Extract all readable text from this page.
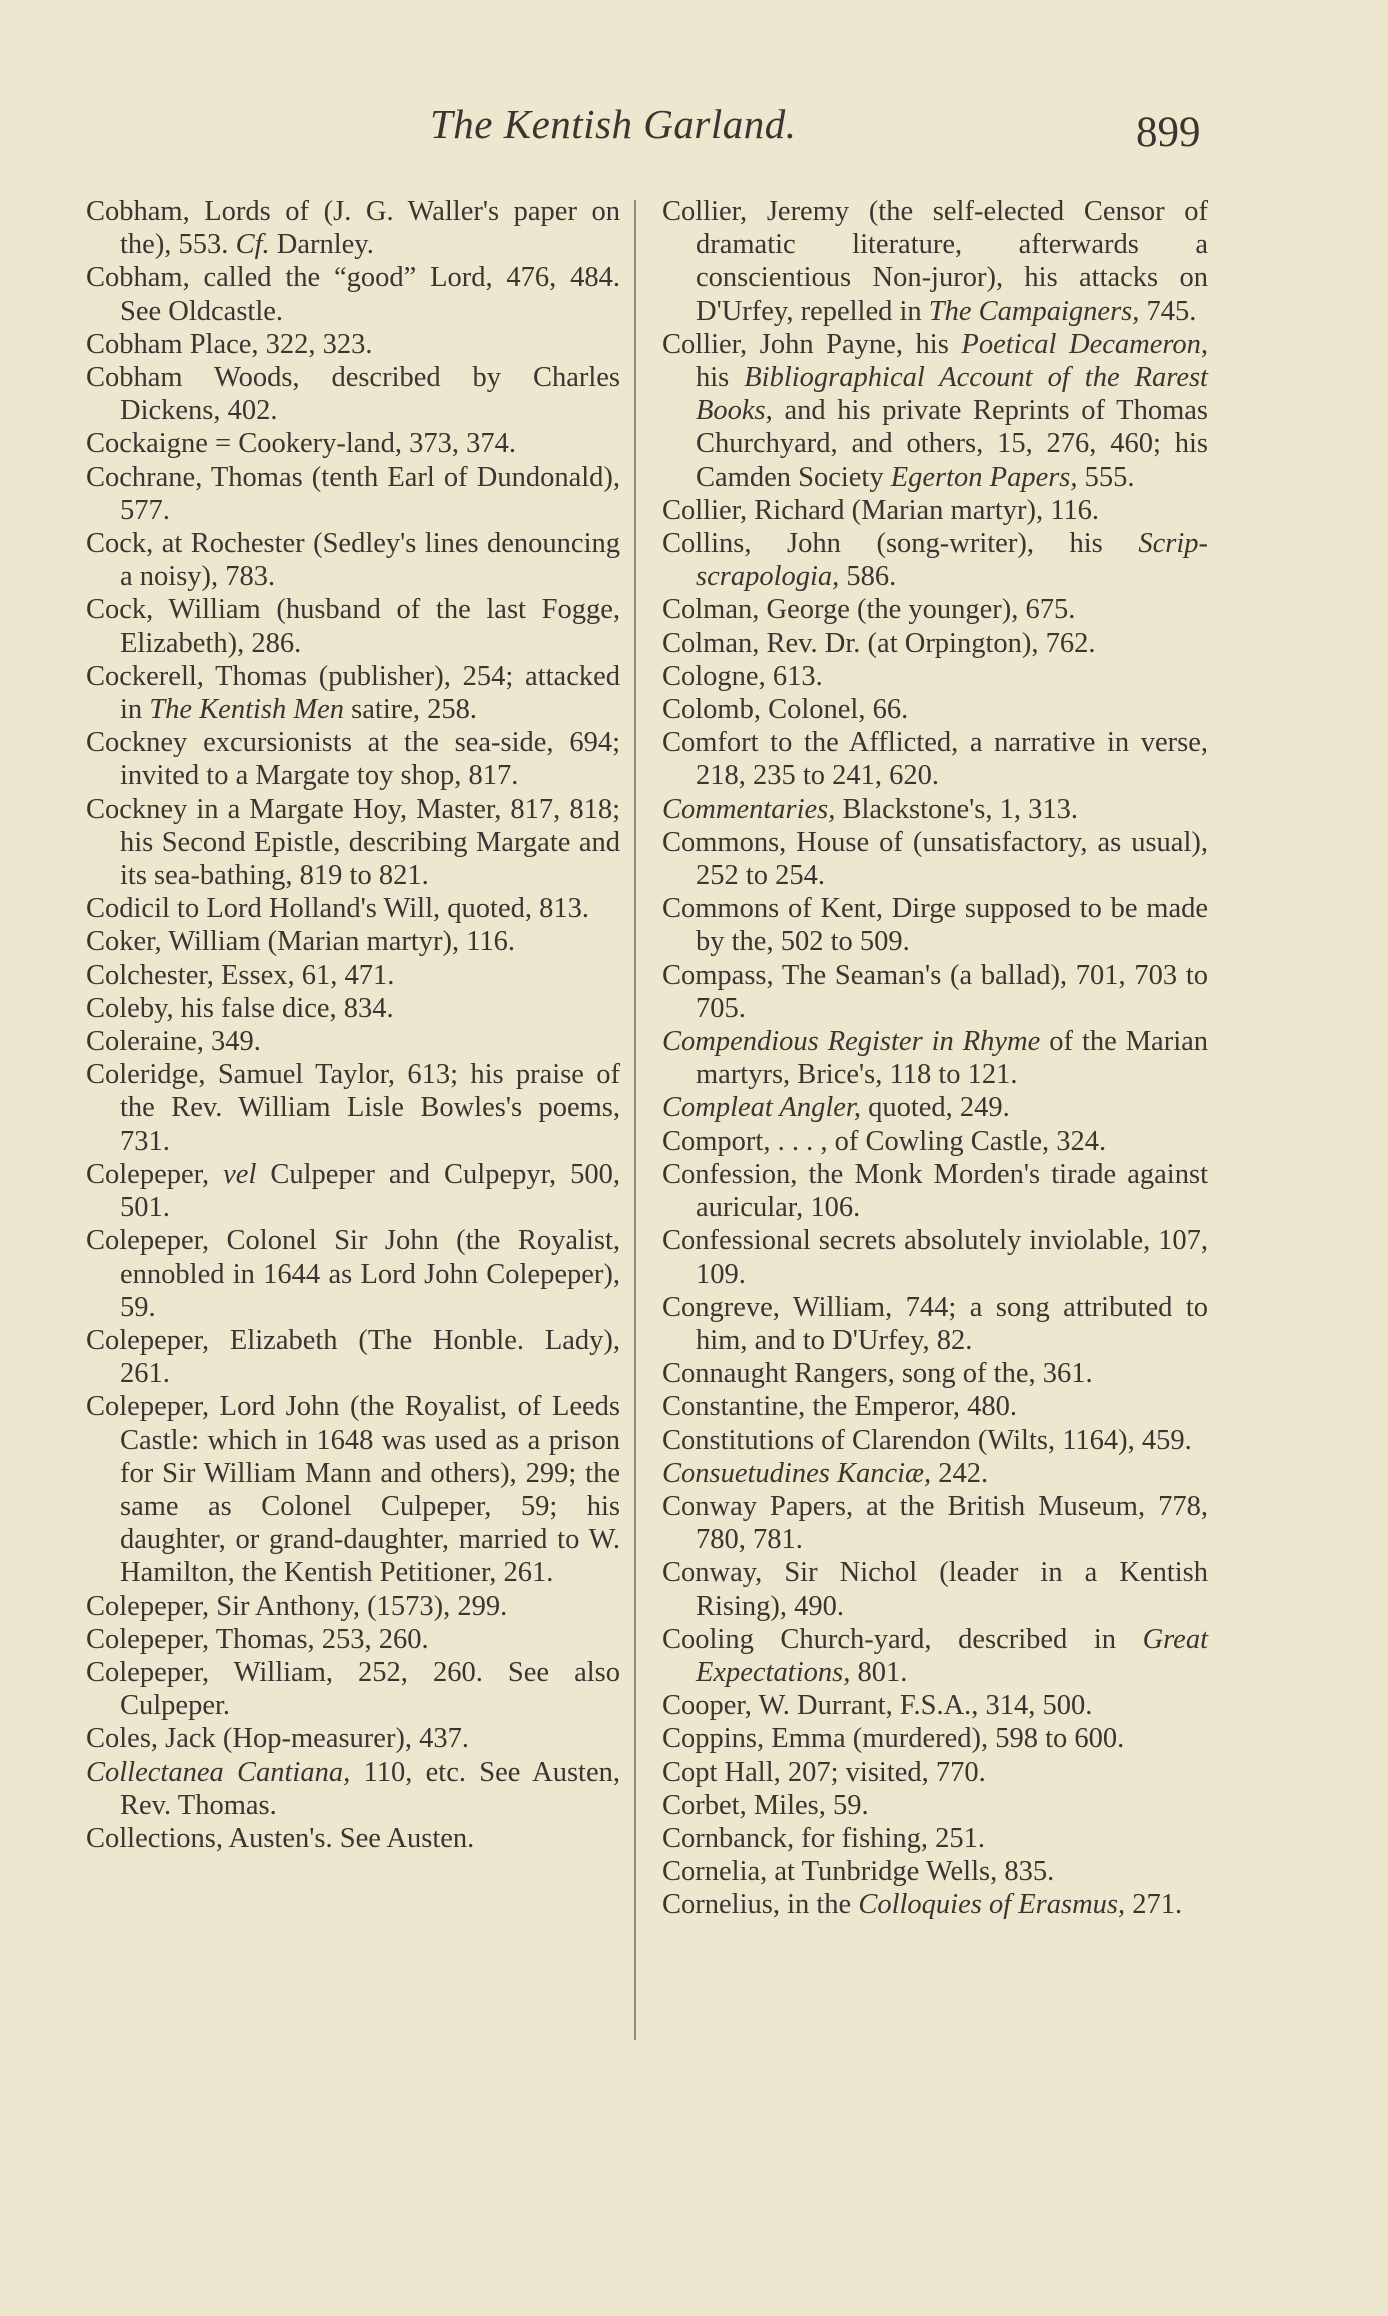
The Kentish Garland.	899

Cobham, Lords of (J. G. Waller's paper on the), 553. Cf. Darnley.

Cobham, called the “good” Lord, 476, 484. See Oldcastle.

Cobham Place, 322, 323.

Cobham Woods, described by Charles Dickens, 402.

Cockaigne = Cookery-land, 373, 374.

Cochrane, Thomas (tenth Earl of Dundonald), 577.

Cock, at Rochester (Sedley's lines denouncing a noisy), 783.

Cock, William (husband of the last Fogge, Elizabeth), 286.

Cockerell, Thomas (publisher), 254; attacked in The Kentish Men satire, 258.

Cockney excursionists at the sea-side, 694; invited to a Margate toy shop, 817.

Cockney in a Margate Hoy, Master, 817, 818; his Second Epistle, describing Margate and its sea-bathing, 819 to 821.

Codicil to Lord Holland's Will, quoted, 813.

Coker, William (Marian martyr), 116.

Colchester, Essex, 61, 471.

Coleby, his false dice, 834.

Coleraine, 349.

Coleridge, Samuel Taylor, 613; his praise of the Rev. William Lisle Bowles's poems, 731.

Colepeper, vel Culpeper and Culpepyr, 500, 501.

Colepeper, Colonel Sir John (the Royalist, ennobled in 1644 as Lord John Colepeper), 59.

Colepeper, Elizabeth (The Honble. Lady), 261.

Colepeper, Lord John (the Royalist, of Leeds Castle: which in 1648 was used as a prison for Sir William Mann and others), 299; the same as Colonel Culpeper, 59; his daughter, or grand-daughter, married to W. Hamilton, the Kentish Petitioner, 261.

Colepeper, Sir Anthony, (1573), 299.

Colepeper, Thomas, 253, 260.

Colepeper, William, 252, 260. See also Culpeper.

Coles, Jack (Hop-measurer), 437.

Collectanea Cantiana, 110, etc. See Austen, Rev. Thomas.

Collections, Austen's. See Austen.

Collier, Jeremy (the self-elected Censor of dramatic literature, afterwards a conscientious Non-juror), his attacks on D'Urfey, repelled in The Campaigners, 745.

Collier, John Payne, his Poetical Decameron, his Bibliographical Account of the Rarest Books, and his private Reprints of Thomas Churchyard, and others, 15, 276, 460; his Camden Society Egerton Papers, 555.

Collier, Richard (Marian martyr), 116.

Collins, John (song-writer), his Scrip-scrapologia, 586.

Colman, George (the younger), 675.

Colman, Rev. Dr. (at Orpington), 762.

Cologne, 613.

Colomb, Colonel, 66.

Comfort to the Afflicted, a narrative in verse, 218, 235 to 241, 620.

Commentaries, Blackstone's, 1, 313.

Commons, House of (unsatisfactory, as usual), 252 to 254.

Commons of Kent, Dirge supposed to be made by the, 502 to 509.

Compass, The Seaman's (a ballad), 701, 703 to 705.

Compendious Register in Rhyme of the Marian martyrs, Brice's, 118 to 121.

Compleat Angler, quoted, 249.

Comport, . . . , of Cowling Castle, 324.

Confession, the Monk Morden's tirade against auricular, 106.

Confessional secrets absolutely inviolable, 107, 109.

Congreve, William, 744; a song attributed to him, and to D'Urfey, 82.

Connaught Rangers, song of the, 361.

Constantine, the Emperor, 480.

Constitutions of Clarendon (Wilts, 1164), 459.

Consuetudines Kanciæ, 242.

Conway Papers, at the British Museum, 778, 780, 781.

Conway, Sir Nichol (leader in a Kentish Rising), 490.

Cooling Church-yard, described in Great Expectations, 801.

Cooper, W. Durrant, F.S.A., 314, 500.

Coppins, Emma (murdered), 598 to 600.

Copt Hall, 207; visited, 770.

Corbet, Miles, 59.

Cornbanck, for fishing, 251.

Cornelia, at Tunbridge Wells, 835.

Cornelius, in the Colloquies of Erasmus, 271.
